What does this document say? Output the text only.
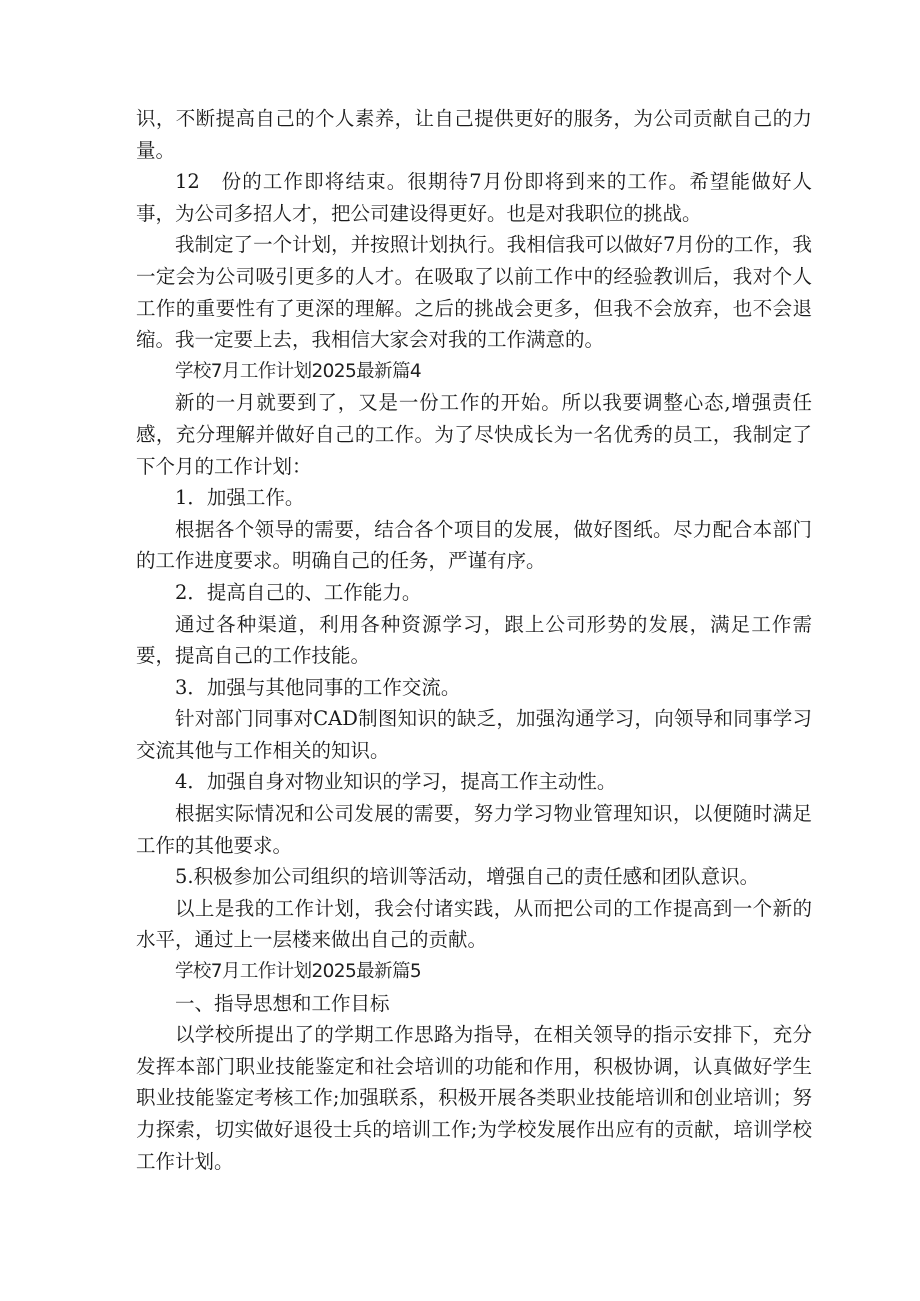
识，不断提高自己的个人素养，让自己提供更好的服务，为公司贡献自己的力量。

12　份的工作即将结束。很期待7月份即将到来的工作。希望能做好人事，为公司多招人才，把公司建设得更好。也是对我职位的挑战。

我制定了一个计划，并按照计划执行。我相信我可以做好7月份的工作，我一定会为公司吸引更多的人才。在吸取了以前工作中的经验教训后，我对个人工作的重要性有了更深的理解。之后的挑战会更多，但我不会放弃，也不会退缩。我一定要上去，我相信大家会对我的工作满意的。

学校7月工作计划2025最新篇4

新的一月就要到了，又是一份工作的开始。所以我要调整心态,增强责任感，充分理解并做好自己的工作。为了尽快成长为一名优秀的员工，我制定了下个月的工作计划：

1．加强工作。

根据各个领导的需要，结合各个项目的发展，做好图纸。尽力配合本部门的工作进度要求。明确自己的任务，严谨有序。

2．提高自己的、工作能力。

通过各种渠道，利用各种资源学习，跟上公司形势的发展，满足工作需要，提高自己的工作技能。

3．加强与其他同事的工作交流。

针对部门同事对CAD制图知识的缺乏，加强沟通学习，向领导和同事学习交流其他与工作相关的知识。

4．加强自身对物业知识的学习，提高工作主动性。

根据实际情况和公司发展的需要，努力学习物业管理知识，以便随时满足工作的其他要求。

5.积极参加公司组织的培训等活动，增强自己的责任感和团队意识。

以上是我的工作计划，我会付诸实践，从而把公司的工作提高到一个新的水平，通过上一层楼来做出自己的贡献。

学校7月工作计划2025最新篇5

一、指导思想和工作目标

以学校所提出了的学期工作思路为指导，在相关领导的指示安排下，充分发挥本部门职业技能鉴定和社会培训的功能和作用，积极协调，认真做好学生职业技能鉴定考核工作;加强联系，积极开展各类职业技能培训和创业培训；努力探索，切实做好退役士兵的培训工作;为学校发展作出应有的贡献，培训学校工作计划。
